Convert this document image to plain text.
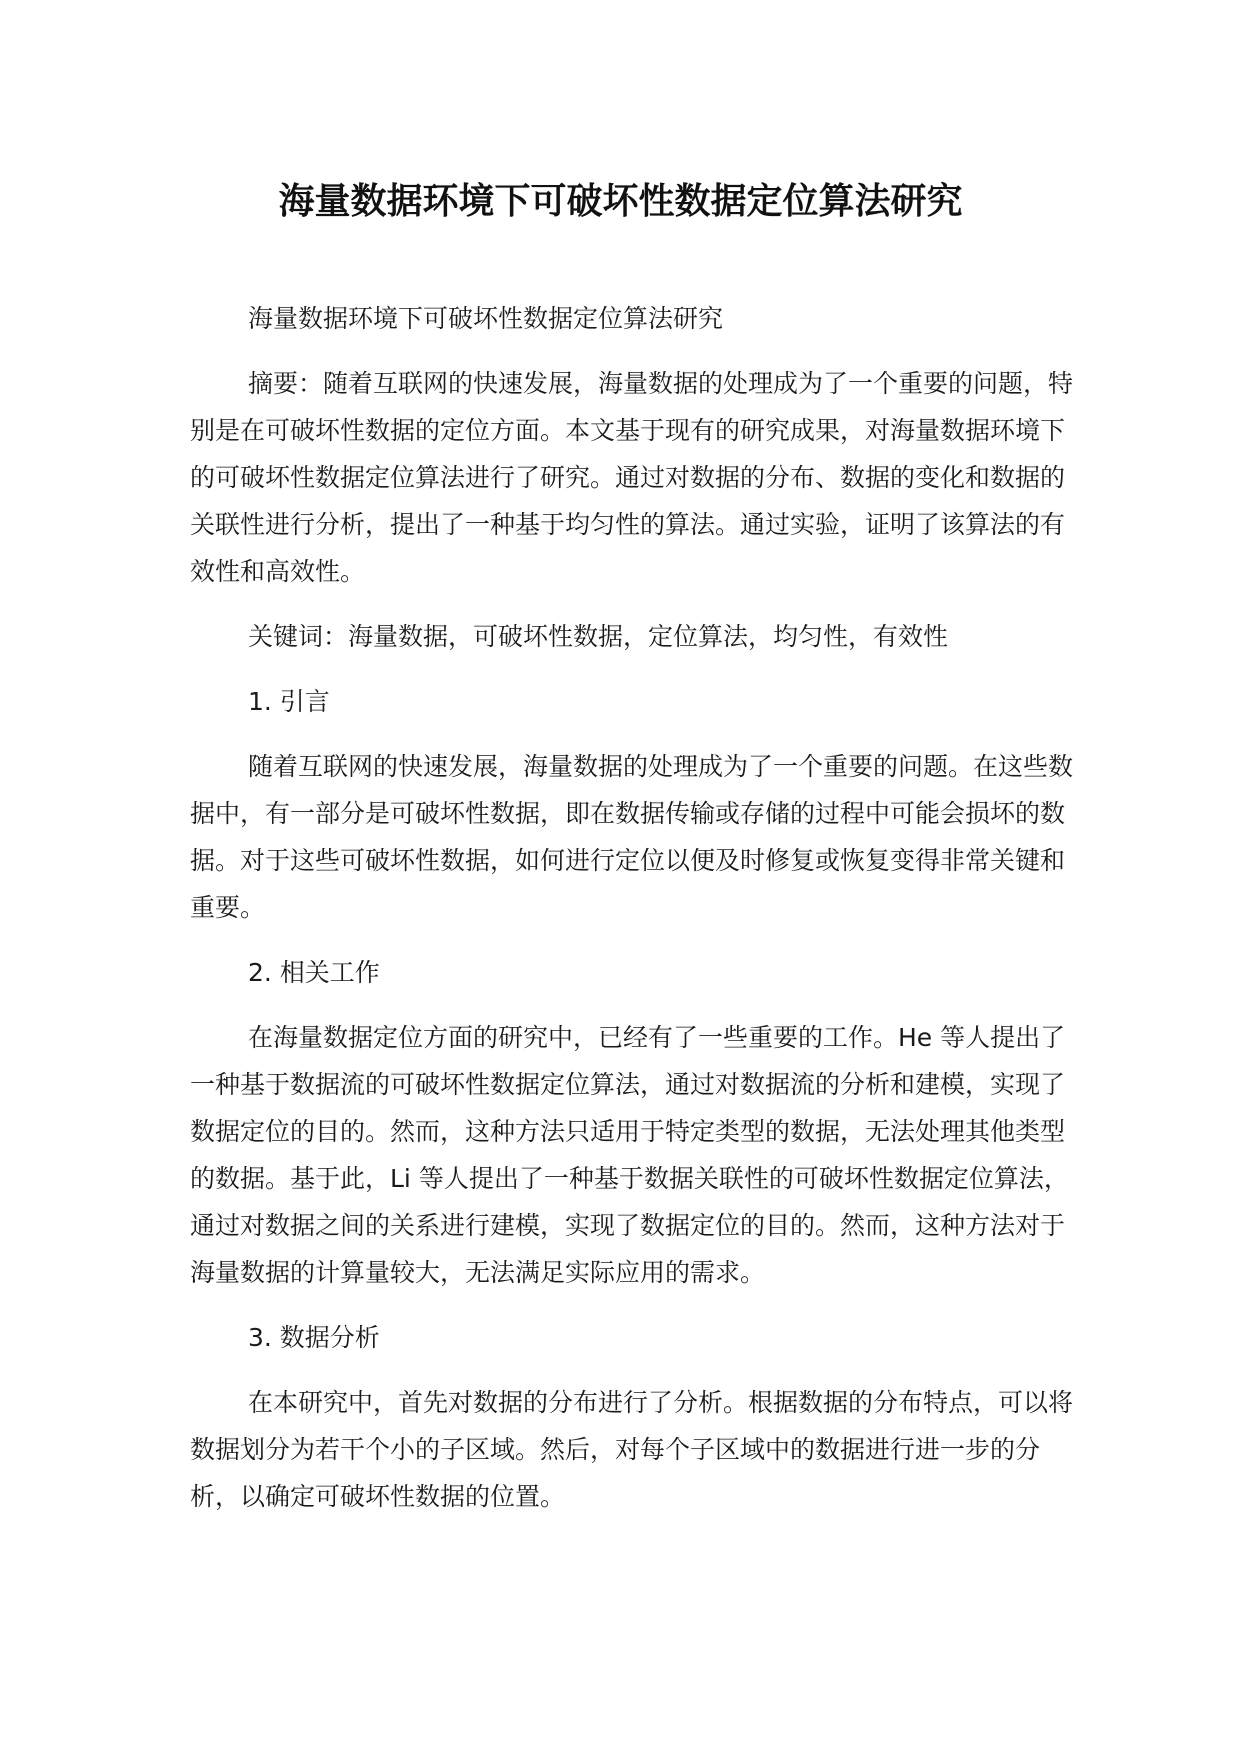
海量数据环境下可破坏性数据定位算法研究

海量数据环境下可破坏性数据定位算法研究

摘要：随着互联网的快速发展，海量数据的处理成为了一个重要的问题，特别是在可破坏性数据的定位方面。本文基于现有的研究成果，对海量数据环境下的可破坏性数据定位算法进行了研究。通过对数据的分布、数据的变化和数据的关联性进行分析，提出了一种基于均匀性的算法。通过实验，证明了该算法的有效性和高效性。

关键词：海量数据，可破坏性数据，定位算法，均匀性，有效性

1. 引言

随着互联网的快速发展，海量数据的处理成为了一个重要的问题。在这些数据中，有一部分是可破坏性数据，即在数据传输或存储的过程中可能会损坏的数据。对于这些可破坏性数据，如何进行定位以便及时修复或恢复变得非常关键和重要。

2. 相关工作

在海量数据定位方面的研究中，已经有了一些重要的工作。He 等人提出了一种基于数据流的可破坏性数据定位算法，通过对数据流的分析和建模，实现了数据定位的目的。然而，这种方法只适用于特定类型的数据，无法处理其他类型的数据。基于此，Li 等人提出了一种基于数据关联性的可破坏性数据定位算法，通过对数据之间的关系进行建模，实现了数据定位的目的。然而，这种方法对于海量数据的计算量较大，无法满足实际应用的需求。

3. 数据分析

在本研究中，首先对数据的分布进行了分析。根据数据的分布特点，可以将数据划分为若干个小的子区域。然后，对每个子区域中的数据进行进一步的分析，以确定可破坏性数据的位置。
